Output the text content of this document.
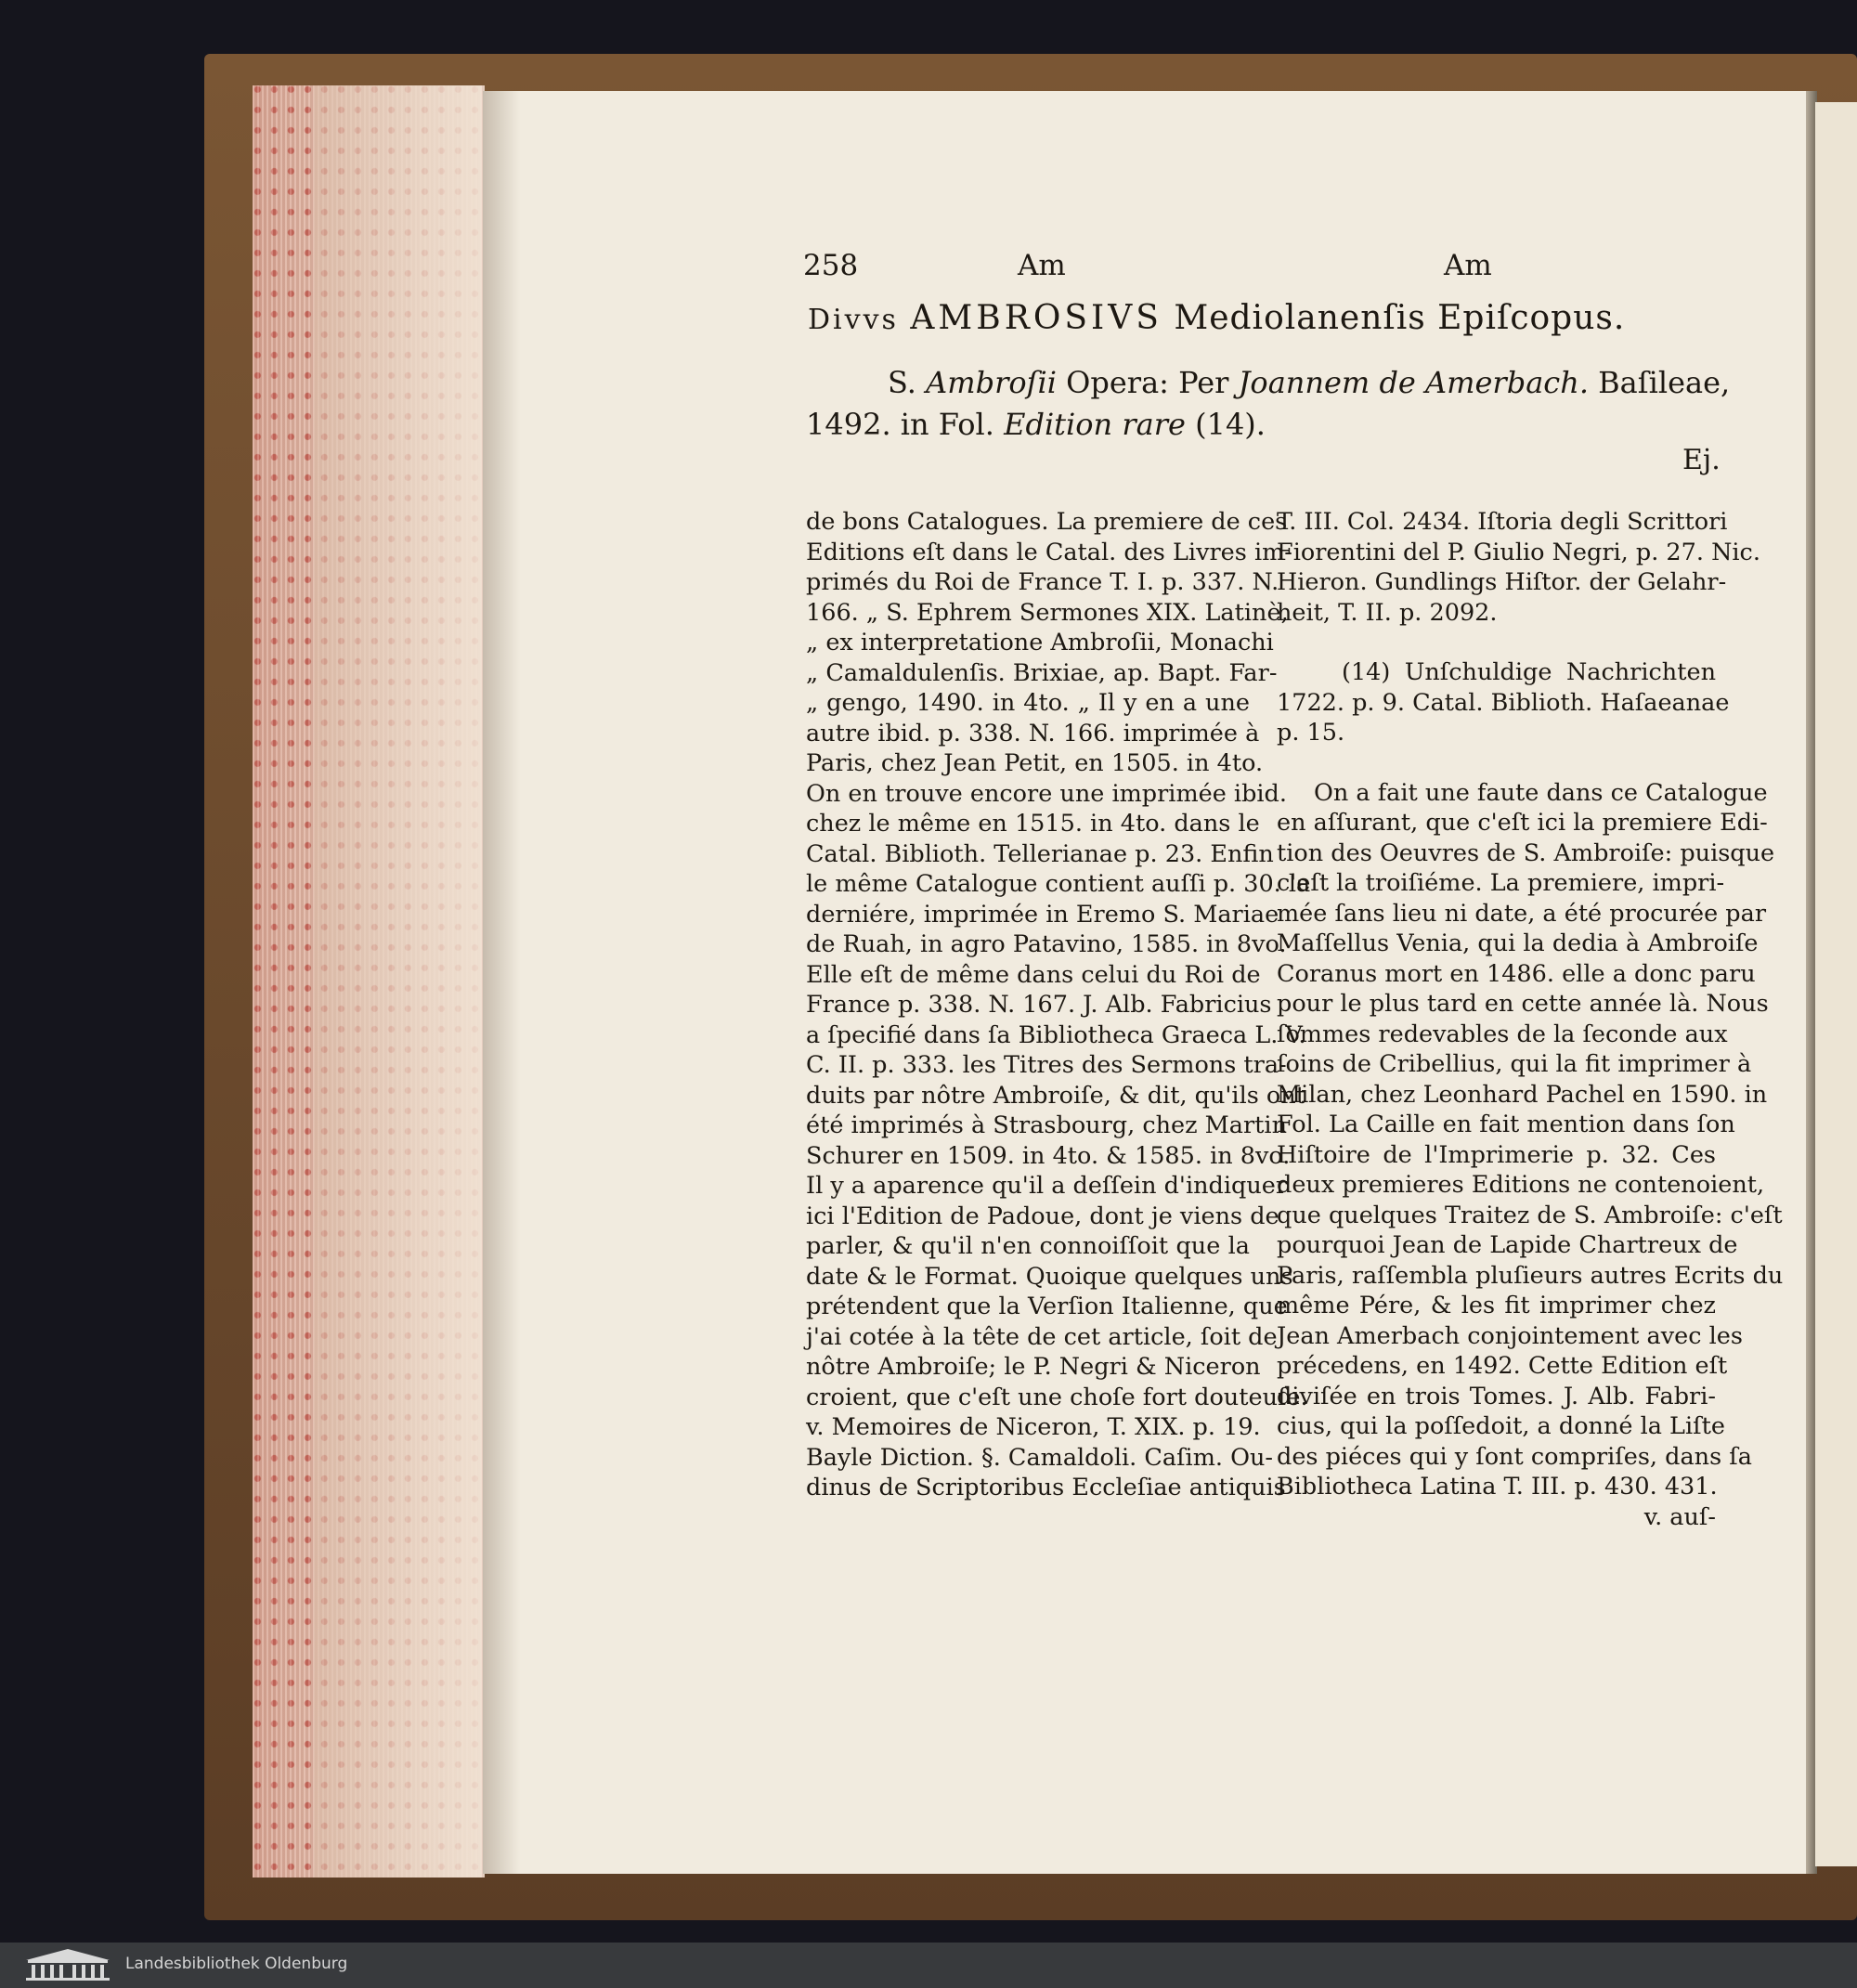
258	Am	Am
Divvs AMBROSIVS Mediolanenſis Epiſcopus.
S. Ambroſii Opera: Per Joannem de Amerbach. Baſileae, 1492. in Fol. Edition rare (14).
Ej.
de bons Catalogues. La premiere de ces
Editions eſt dans le Catal. des Livres im-
primés du Roi de France T. I. p. 337. N.
166. „ S. Ephrem Sermones XIX. Latinè,
„ ex interpretatione Ambroſii, Monachi
„ Camaldulenſis. Brixiae, ap. Bapt. Far-
„ gengo, 1490. in 4to. „ Il y en a une
autre ibid. p. 338. N. 166. imprimée à
Paris, chez Jean Petit, en 1505. in 4to.
On en trouve encore une imprimée ibid.
chez le même en 1515. in 4to. dans le
Catal. Biblioth. Tellerianae p. 23. Enfin
le même Catalogue contient auſſi p. 30. la
derniére, imprimée in Eremo S. Mariae
de Ruah, in agro Patavino, 1585. in 8vo.
Elle eſt de même dans celui du Roi de
France p. 338. N. 167. J. Alb. Fabricius
a ſpecifié dans ſa Bibliotheca Graeca L. V.
C. II. p. 333. les Titres des Sermons tra-
duits par nôtre Ambroiſe, & dit, qu'ils ont
été imprimés à Strasbourg, chez Martin
Schurer en 1509. in 4to. & 1585. in 8vo.
Il y a aparence qu'il a deſſein d'indiquer
ici l'Edition de Padoue, dont je viens de
parler, & qu'il n'en connoiſſoit que la
date & le Format. Quoique quelques uns
prétendent que la Verſion Italienne, que
j'ai cotée à la tête de cet article, ſoit de
nôtre Ambroiſe; le P. Negri & Niceron
croient, que c'eſt une choſe fort douteuſe.
v. Memoires de Niceron, T. XIX. p. 19.
Bayle Diction. §. Camaldoli. Caſim. Ou-
dinus de Scriptoribus Eccleſiae antiquis
T. III. Col. 2434. Iſtoria degli Scrittori
Fiorentini del P. Giulio Negri, p. 27. Nic.
Hieron. Gundlings Hiſtor. der Gelahr-
heit, T. II. p. 2092.
(14) Unſchuldige Nachrichten
1722. p. 9. Catal. Biblioth. Haſaeanae
p. 15.
On a fait une faute dans ce Catalogue
en aſſurant, que c'eſt ici la premiere Edi-
tion des Oeuvres de S. Ambroiſe: puisque
c'eſt la troiſiéme. La premiere, impri-
mée ſans lieu ni date, a été procurée par
Maſſellus Venia, qui la dedia à Ambroiſe
Coranus mort en 1486. elle a donc paru
pour le plus tard en cette année là. Nous
ſommes redevables de la ſeconde aux
ſoins de Cribellius, qui la fit imprimer à
Milan, chez Leonhard Pachel en 1590. in
Fol. La Caille en fait mention dans ſon
Hiſtoire de l'Imprimerie p. 32. Ces
deux premieres Editions ne contenoient,
que quelques Traitez de S. Ambroiſe: c'eſt
pourquoi Jean de Lapide Chartreux de
Paris, raſſembla pluſieurs autres Ecrits du
même Pére, & les fit imprimer chez
Jean Amerbach conjointement avec les
précedens, en 1492. Cette Edition eſt
diviſée en trois Tomes. J. Alb. Fabri-
cius, qui la poſſedoit, a donné la Liſte
des piéces qui y ſont compriſes, dans ſa
Bibliotheca Latina T. III. p. 430. 431.
v. auſ-
Landesbibliothek Oldenburg
